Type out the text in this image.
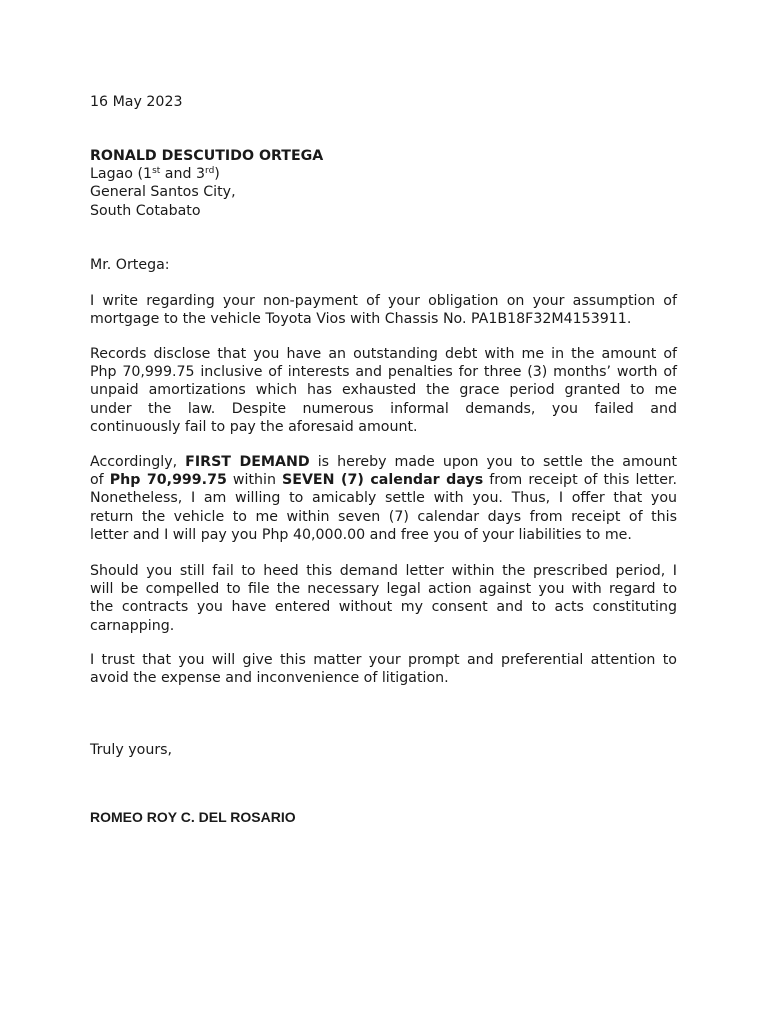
16 May 2023
RONALD DESCUTIDO ORTEGA
Lagao (1st and 3rd)
General Santos City,
South Cotabato
Mr. Ortega:
I write regarding your non-payment of your obligation on your assumption of
mortgage to the vehicle Toyota Vios with Chassis No. PA1B18F32M4153911.
Records disclose that you have an outstanding debt with me in the amount of
Php 70,999.75 inclusive of interests and penalties for three (3) months’ worth of
unpaid amortizations which has exhausted the grace period granted to me
under the law. Despite numerous informal demands, you failed and
continuously fail to pay the aforesaid amount.
Accordingly, FIRST DEMAND is hereby made upon you to settle the amount
of Php 70,999.75 within SEVEN (7) calendar days from receipt of this letter.
Nonetheless, I am willing to amicably settle with you. Thus, I offer that you
return the vehicle to me within seven (7) calendar days from receipt of this
letter and I will pay you Php 40,000.00 and free you of your liabilities to me.
Should you still fail to heed this demand letter within the prescribed period, I
will be compelled to file the necessary legal action against you with regard to
the contracts you have entered without my consent and to acts constituting
carnapping.
I trust that you will give this matter your prompt and preferential attention to
avoid the expense and inconvenience of litigation.
Truly yours,
ROMEO ROY C. DEL ROSARIO
